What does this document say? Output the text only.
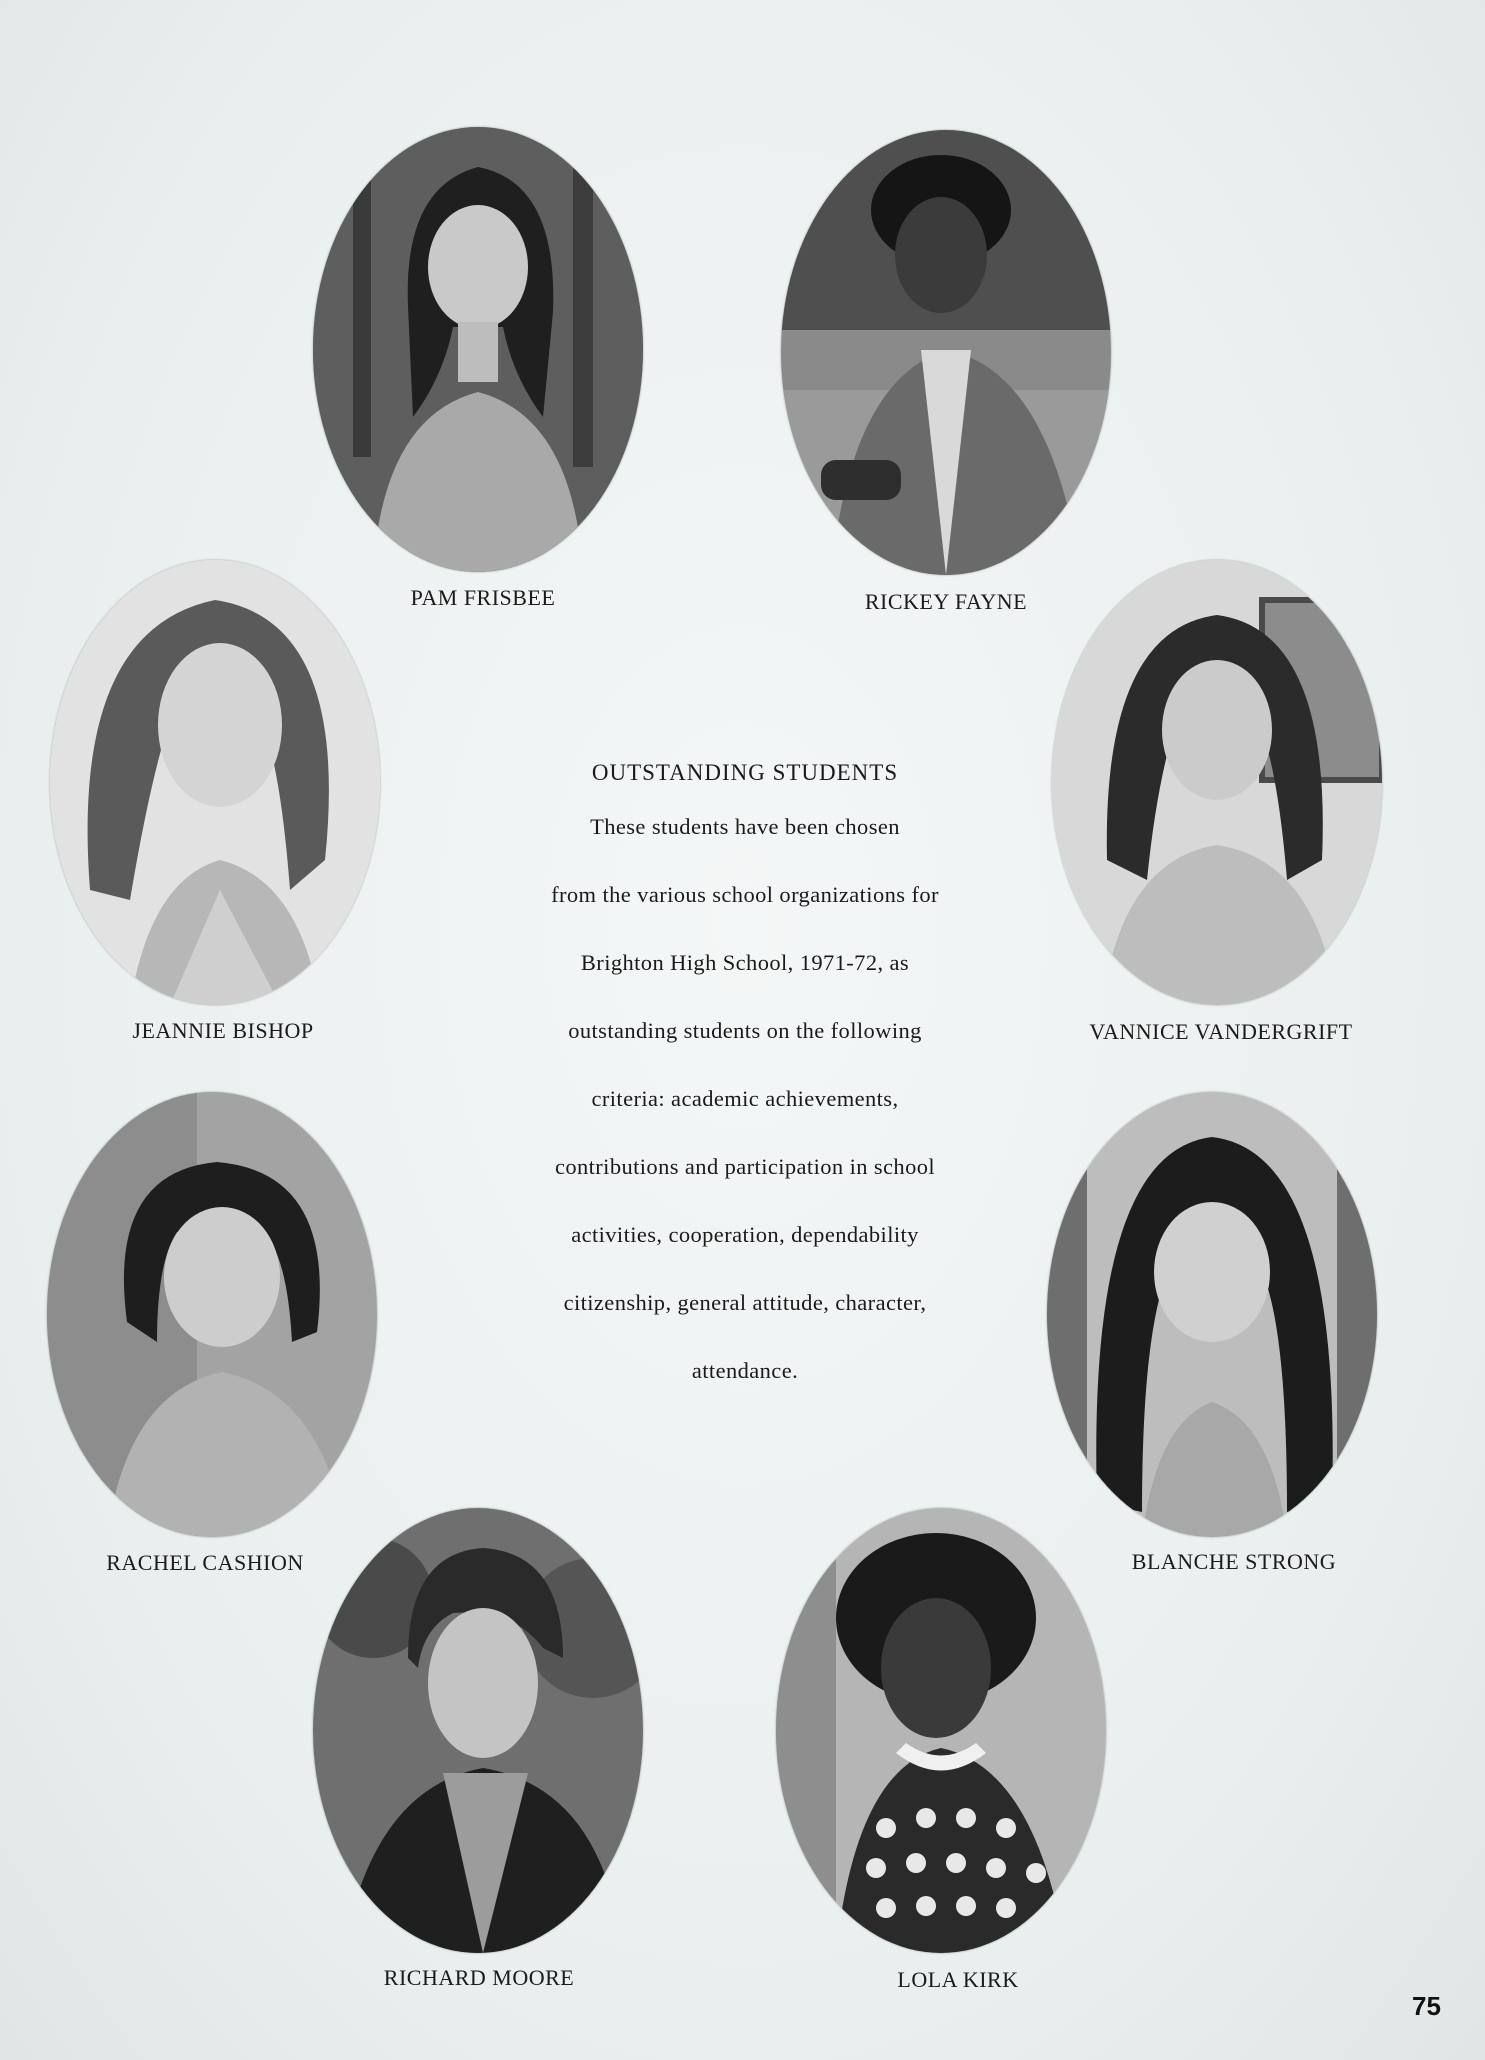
PAM FRISBEE	RICKEY FAYNE
JEANNIE BISHOP	VANNICE VANDERGRIFT
RACHEL CASHION	BLANCHE STRONG
RICHARD MOORE	LOLA KIRK
OUTSTANDING STUDENTS
These students have been chosen
from the various school organizations for
Brighton High School, 1971-72, as
outstanding students on the following
criteria: academic achievements,
contributions and participation in school
activities, cooperation, dependability
citizenship, general attitude, character,
attendance.
75
